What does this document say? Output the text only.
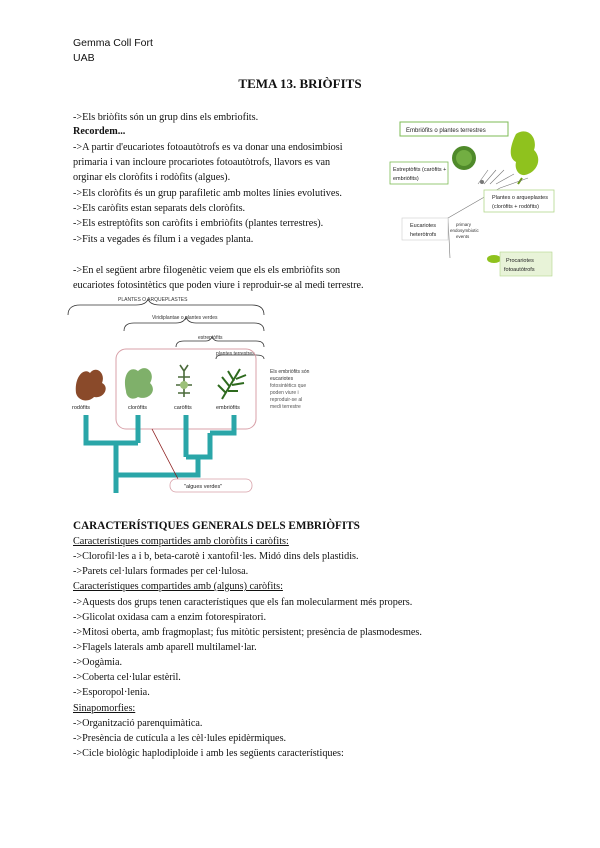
Gemma Coll Fort
UAB
TEMA 13. BRIÒFITS
->Els briòfits són un grup dins els embriofits.
Recordem...
->A partir d'eucariotes fotoautòtrofs es va donar una endosimbiosi
primaria i van incloure procariotes fotoautòtrofs, llavors es van
orginar els cloròfits i rodòfits (algues).
->Els cloròfits és un grup parafiletic amb moltes línies evolutives.
->Els caròfits estan separats dels cloròfits.
->Els estreptòfits son caròfits i embriòfits (plantes terrestres).
->Fits a vegades és fílum i a vegades planta.
->En el següent arbre filogenètic veiem que els els embriòfits son
eucariotes fotosintètics que poden viure i reproduir-se al medi terrestre.
Embriòfits o plantes terrestres
Estreptòfits (caròfits +
embriòfits)
Plantes o arqueplastes
(cloròfits + rodòfits)
Eucariotes
heteròtrofs
primary
endosymbiotic
events
Procariotes
fotoautòtrofs
PLANTES O ARQUEPLASTES
Viridiplantae o plantes verdes
estreptòfits
plantes terrestres
rodòfits	cloròfits	caròfits	embriòfits
Els embriòfits són
eucariotes
fotosintètics que
poden viure i
reproduir-se al
medi terrestre
"algues verdes"
CARACTERÍSTIQUES GENERALS DELS EMBRIÒFITS
Característiques compartides amb cloròfits i caròfits:
->Clorofil·les a i b, beta-carotè i xantofil·les. Midó dins dels plastidis.
->Parets cel·lulars formades per cel·lulosa.
Característiques compartides amb (alguns) caròfits:
->Aquests dos grups tenen característiques que els fan molecularment més propers.
->Glicolat oxidasa cam a enzim fotorespiratori.
->Mitosi oberta, amb fragmoplast; fus mitòtic persistent; presència de plasmodesmes.
->Flagels laterals amb aparell multilamel·lar.
->Oogàmia.
->Coberta cel·lular estèril.
->Esporopol·lenia.
Sinapomorfies:
->Organització parenquimàtica.
->Presència de cutícula a les cèl·lules epidèrmiques.
->Cicle biològic haplodiploide i amb les següents característiques:
